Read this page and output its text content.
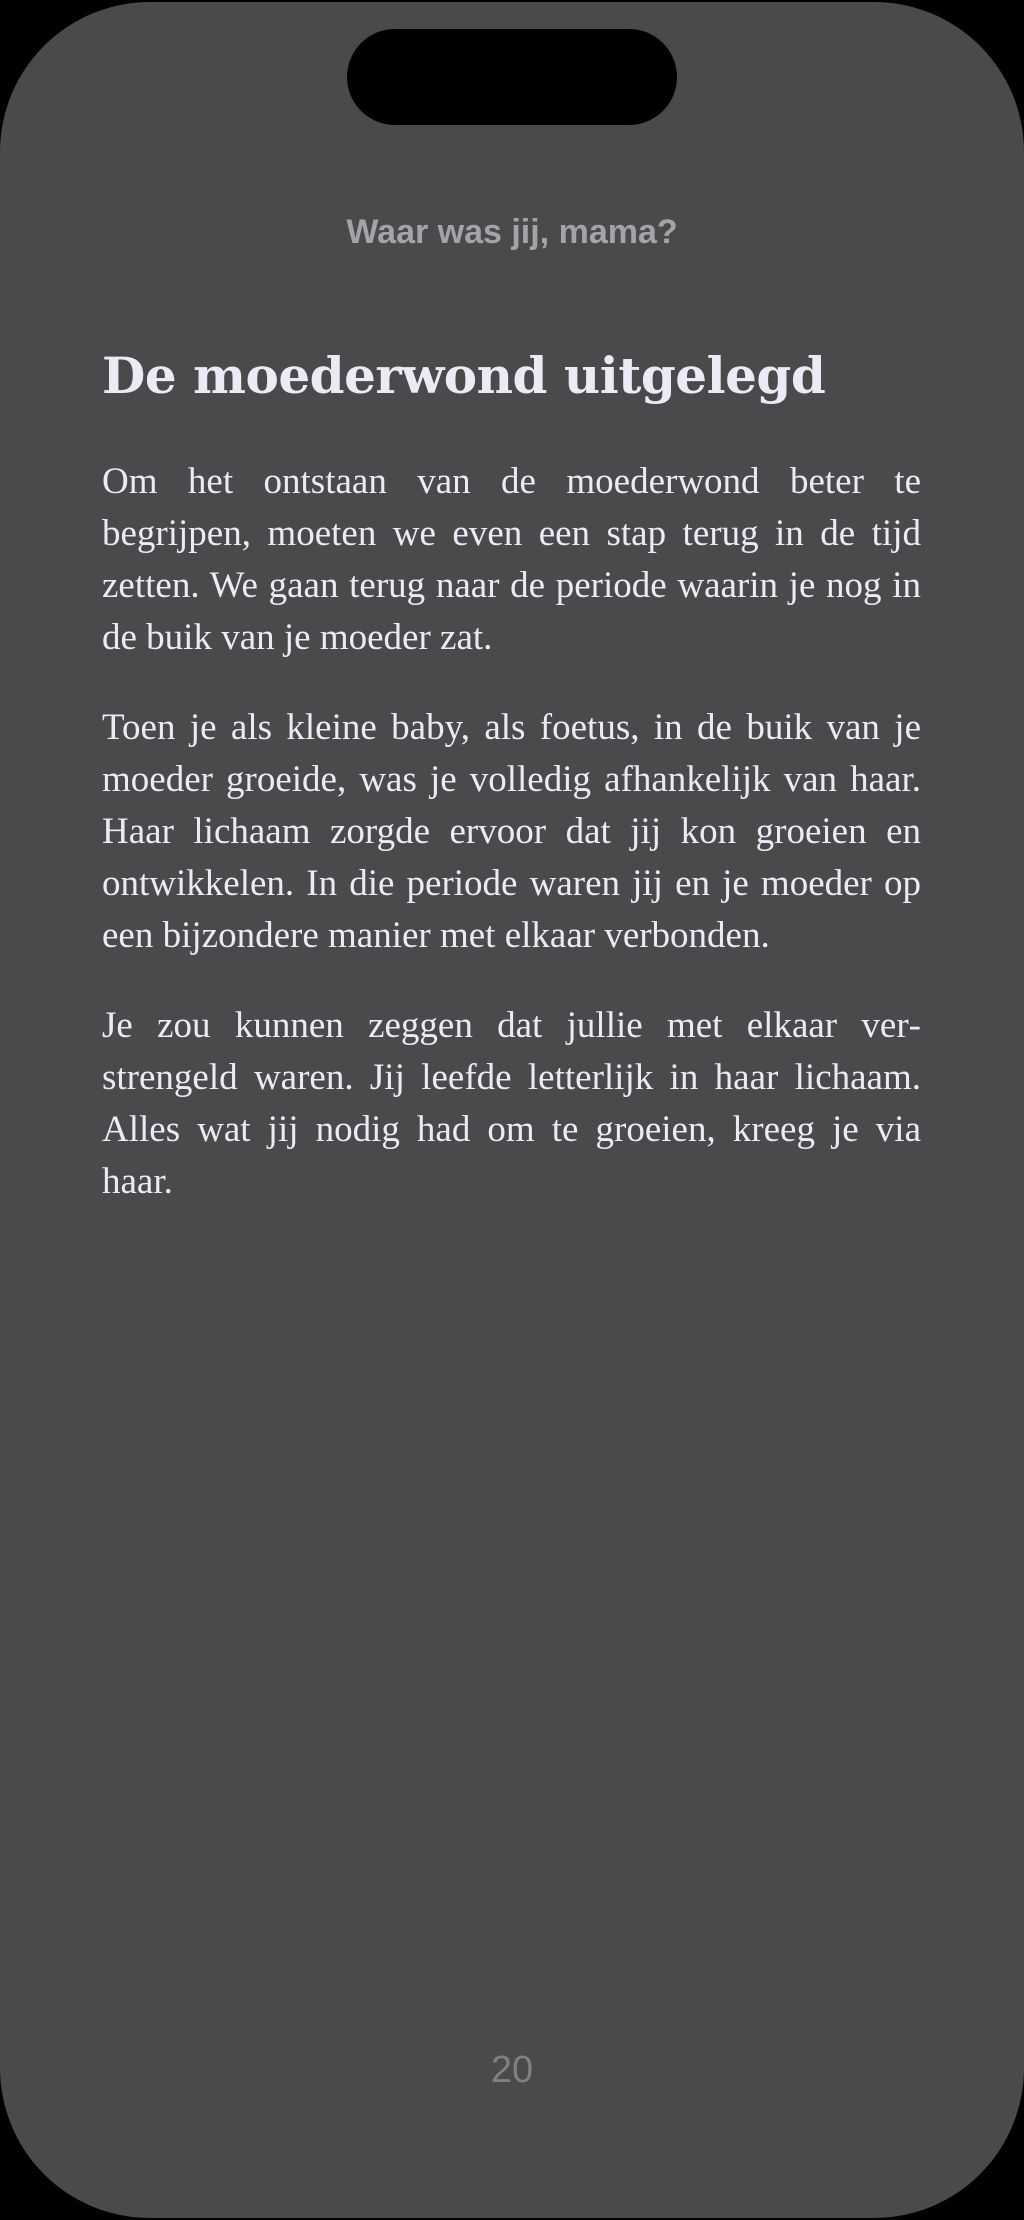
Waar was jij, mama?
De moederwond uitgelegd

Om het ontstaan van de moederwond beter te begrijpen, moeten we even een stap terug in de tijd zetten. We gaan terug naar de periode waarin je nog in de buik van je moeder zat.

Toen je als kleine baby, als foetus, in de buik van je moeder groeide, was je volledig afhankelijk van haar. Haar lichaam zorgde ervoor dat jij kon groeien en ontwikkelen. In die periode waren jij en je moeder op een bijzondere manier met elkaar verbonden.

Je zou kunnen zeggen dat jullie met elkaar verstrengeld waren. Jij leefde letterlijk in haar lichaam. Alles wat jij nodig had om te groeien, kreeg je via haar.

20
